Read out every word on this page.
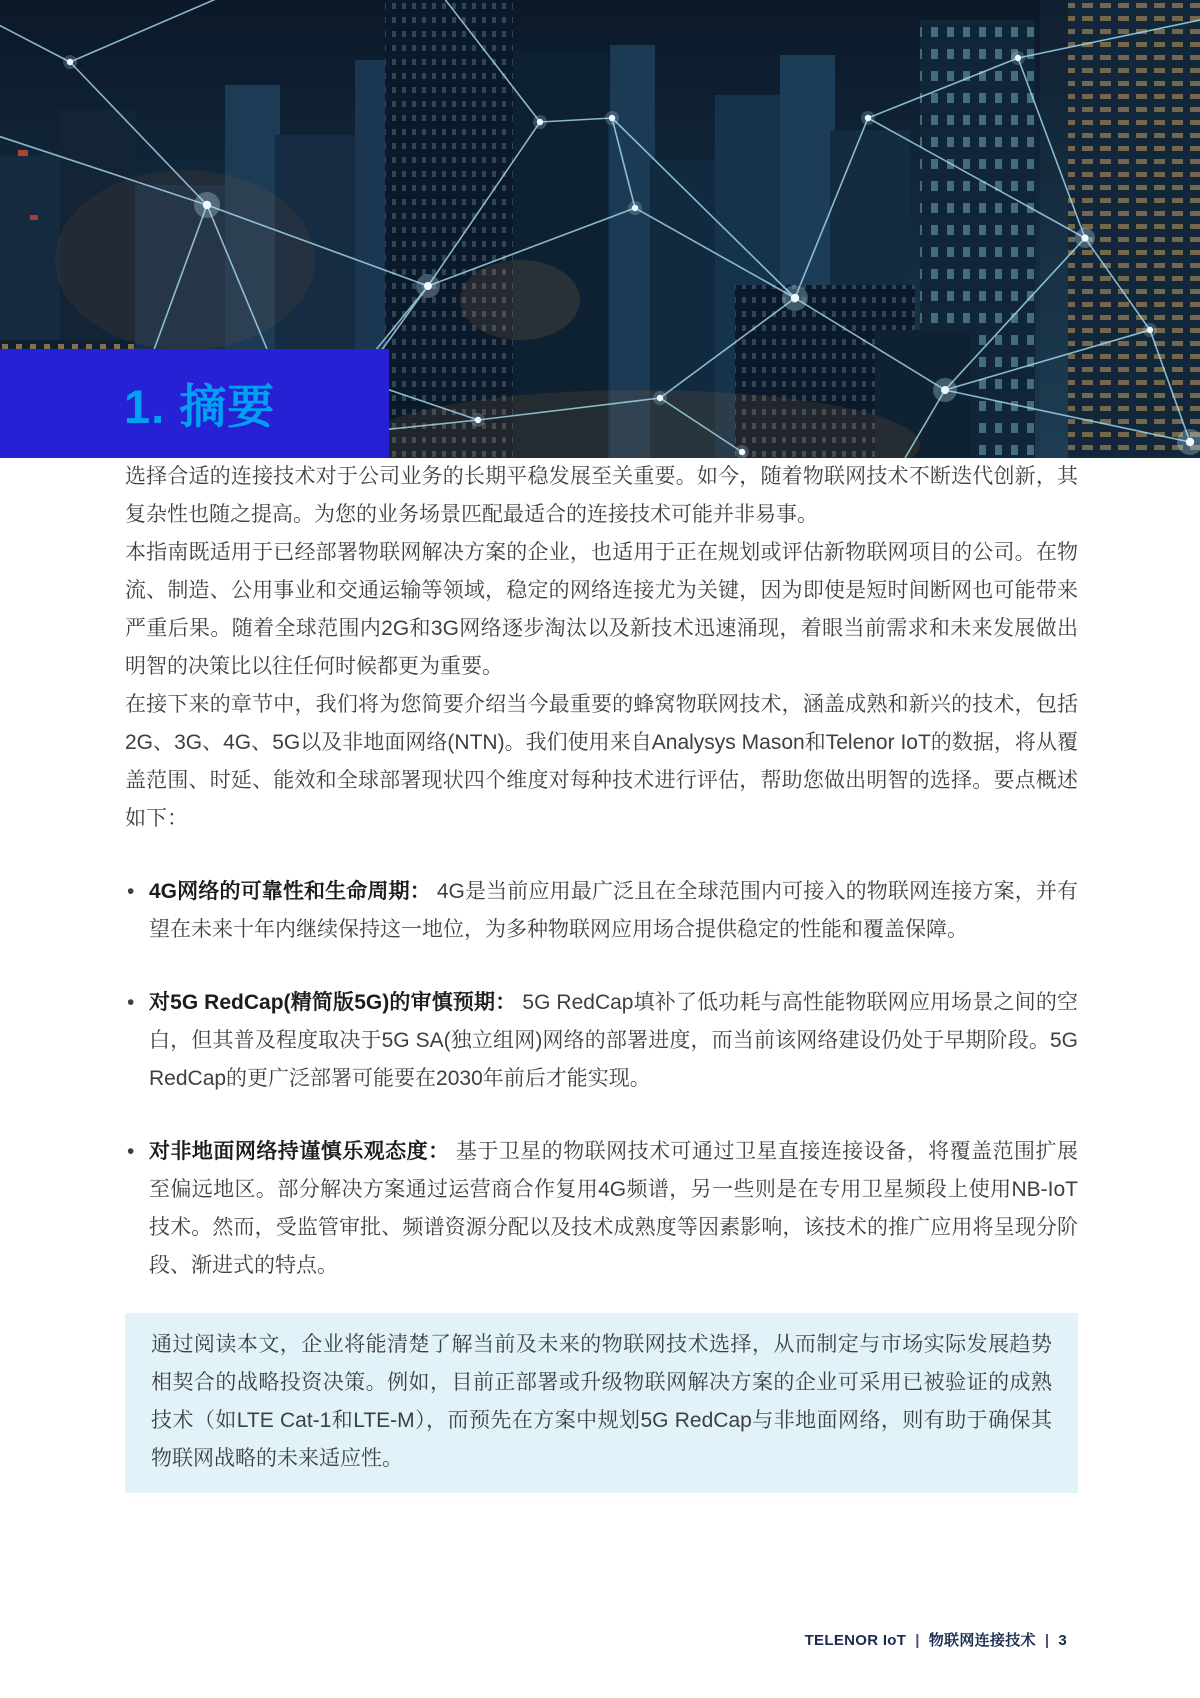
1. 摘要

选择合适的连接技术对于公司业务的长期平稳发展至关重要。如今，随着物联网技术不断迭代创新，其复杂性也随之提高。为您的业务场景匹配最适合的连接技术可能并非易事。

本指南既适用于已经部署物联网解决方案的企业，也适用于正在规划或评估新物联网项目的公司。在物流、制造、公用事业和交通运输等领域，稳定的网络连接尤为关键，因为即使是短时间断网也可能带来严重后果。随着全球范围内2G和3G网络逐步淘汰以及新技术迅速涌现，着眼当前需求和未来发展做出明智的决策比以往任何时候都更为重要。

在接下来的章节中，我们将为您简要介绍当今最重要的蜂窝物联网技术，涵盖成熟和新兴的技术，包括2G、3G、4G、5G以及非地面网络(NTN)。我们使用来自Analysys Mason和Telenor IoT的数据，将从覆盖范围、时延、能效和全球部署现状四个维度对每种技术进行评估，帮助您做出明智的选择。要点概述如下：

• 4G网络的可靠性和生命周期： 4G是当前应用最广泛且在全球范围内可接入的物联网连接方案，并有望在未来十年内继续保持这一地位，为多种物联网应用场合提供稳定的性能和覆盖保障。
• 对5G RedCap(精简版5G)的审慎预期： 5G RedCap填补了低功耗与高性能物联网应用场景之间的空白，但其普及程度取决于5G SA(独立组网)网络的部署进度，而当前该网络建设仍处于早期阶段。5G RedCap的更广泛部署可能要在2030年前后才能实现。
• 对非地面网络持谨慎乐观态度： 基于卫星的物联网技术可通过卫星直接连接设备，将覆盖范围扩展至偏远地区。部分解决方案通过运营商合作复用4G频谱，另一些则是在专用卫星频段上使用NB-IoT技术。然而，受监管审批、频谱资源分配以及技术成熟度等因素影响，该技术的推广应用将呈现分阶段、渐进式的特点。

通过阅读本文，企业将能清楚了解当前及未来的物联网技术选择，从而制定与市场实际发展趋势相契合的战略投资决策。例如，目前正部署或升级物联网解决方案的企业可采用已被验证的成熟技术（如LTE Cat-1和LTE-M），而预先在方案中规划5G RedCap与非地面网络，则有助于确保其物联网战略的未来适应性。

TELENOR IoT | 物联网连接技术 | 3
